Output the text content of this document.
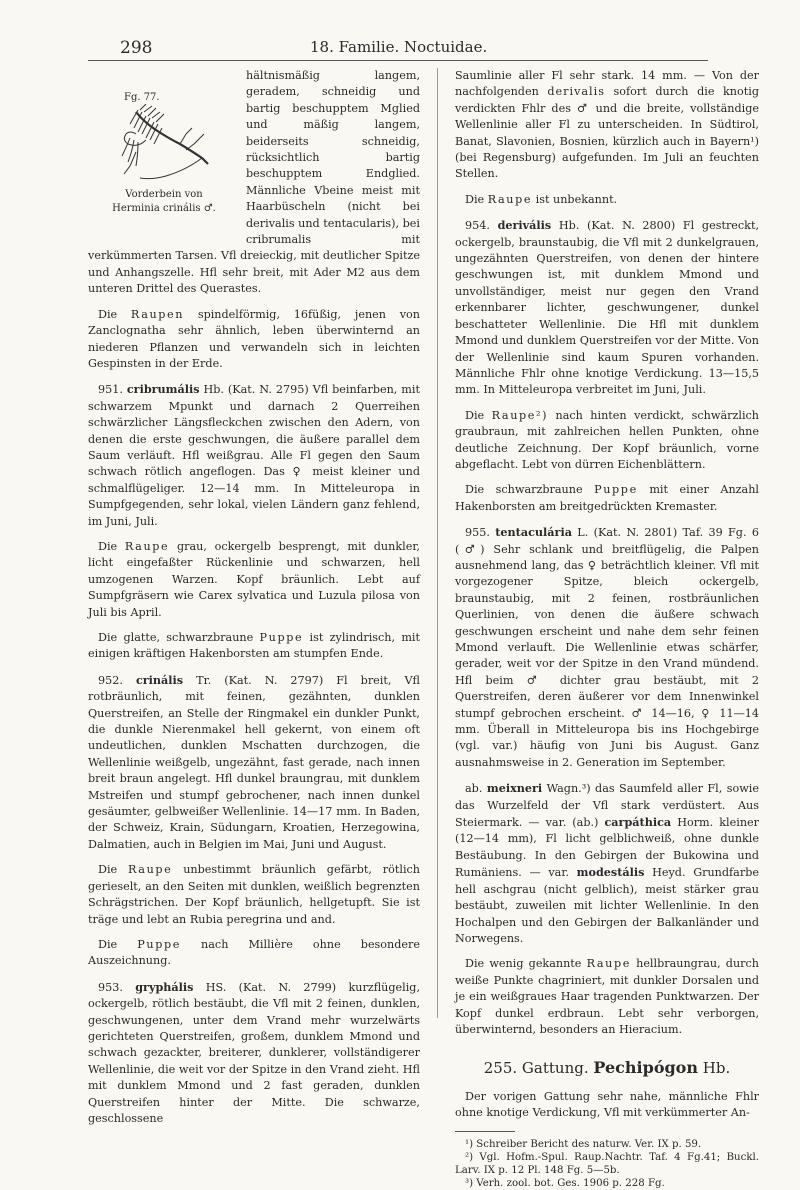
298	18. Familie. Noctuidae.
Fg. 77.
Vorderbein von
Herminia crinális ♂.

hältnismäßig langem, geradem, schneidig und bartig beschupptem Mglied und mäßig langem, beiderseits schneidig, rücksichtlich bartig beschupptem Endglied. Männliche Vbeine meist mit Haarbüscheln (nicht bei derivalis und tentacularis), bei cribrumalis mit verkümmerten Tarsen. Vfl dreieckig, mit deutlicher Spitze und Anhangszelle. Hfl sehr breit, mit Ader M2 aus dem unteren Drittel des Querastes.

Die Raupen spindelförmig, 16füßig, jenen von Zanclognatha sehr ähnlich, leben überwinternd an niederen Pflanzen und verwandeln sich in leichten Gespinsten in der Erde.

951. cribrumális Hb. (Kat. N. 2795) Vfl beinfarben, mit schwarzem Mpunkt und darnach 2 Querreihen schwärzlicher Längsfleckchen zwischen den Adern, von denen die erste geschwungen, die äußere parallel dem Saum verläuft. Hfl weißgrau. Alle Fl gegen den Saum schwach rötlich angeflogen. Das ♀ meist kleiner und schmalflügeliger. 12—14 mm. In Mitteleuropa in Sumpfgegenden, sehr lokal, vielen Ländern ganz fehlend, im Juni, Juli.

Die Raupe grau, ockergelb besprengt, mit dunkler, licht eingefaßter Rückenlinie und schwarzen, hell umzogenen Warzen. Kopf bräunlich. Lebt auf Sumpfgräsern wie Carex sylvatica und Luzula pilosa von Juli bis April.

Die glatte, schwarzbraune Puppe ist zylindrisch, mit einigen kräftigen Hakenborsten am stumpfen Ende.

952. crinális Tr. (Kat. N. 2797) Fl breit, Vfl rotbräunlich, mit feinen, gezähnten, dunklen Querstreifen, an Stelle der Ringmakel ein dunkler Punkt, die dunkle Nierenmakel hell gekernt, von einem oft undeutlichen, dunklen Mschatten durchzogen, die Wellenlinie weißgelb, ungezähnt, fast gerade, nach innen breit braun angelegt. Hfl dunkel braungrau, mit dunklem Mstreifen und stumpf gebrochener, nach innen dunkel gesäumter, gelbweißer Wellenlinie. 14—17 mm. In Baden, der Schweiz, Krain, Südungarn, Kroatien, Herzegowina, Dalmatien, auch in Belgien im Mai, Juni und August.

Die Raupe unbestimmt bräunlich gefärbt, rötlich gerieselt, an den Seiten mit dunklen, weißlich begrenzten Schrägstrichen. Der Kopf bräunlich, hellgetupft. Sie ist träge und lebt an Rubia peregrina und and.

Die Puppe nach Millière ohne besondere Auszeichnung.

953. gryphális HS. (Kat. N. 2799) kurzflügelig, ockergelb, rötlich bestäubt, die Vfl mit 2 feinen, dunklen, geschwungenen, unter dem Vrand mehr wurzelwärts gerichteten Querstreifen, großem, dunklem Mmond und schwach gezackter, breiterer, dunklerer, vollständigerer Wellenlinie, die weit vor der Spitze in den Vrand zieht. Hfl mit dunklem Mmond und 2 fast geraden, dunklen Querstreifen hinter der Mitte. Die schwarze, geschlossene

Saumlinie aller Fl sehr stark. 14 mm. — Von der nachfolgenden derivalis sofort durch die knotig verdickten Fhlr des ♂ und die breite, vollständige Wellenlinie aller Fl zu unterscheiden. In Südtirol, Banat, Slavonien, Bosnien, kürzlich auch in Bayern¹) (bei Regensburg) aufgefunden. Im Juli an feuchten Stellen.

Die Raupe ist unbekannt.

954. derivális Hb. (Kat. N. 2800) Fl gestreckt, ockergelb, braunstaubig, die Vfl mit 2 dunkelgrauen, ungezähnten Querstreifen, von denen der hintere geschwungen ist, mit dunklem Mmond und unvollständiger, meist nur gegen den Vrand erkennbarer lichter, geschwungener, dunkel beschatteter Wellenlinie. Die Hfl mit dunklem Mmond und dunklem Querstreifen vor der Mitte. Von der Wellenlinie sind kaum Spuren vorhanden. Männliche Fhlr ohne knotige Verdickung. 13—15,5 mm. In Mitteleuropa verbreitet im Juni, Juli.

Die Raupe²) nach hinten verdickt, schwärzlich graubraun, mit zahlreichen hellen Punkten, ohne deutliche Zeichnung. Der Kopf bräunlich, vorne abgeflacht. Lebt von dürren Eichenblättern.

Die schwarzbraune Puppe mit einer Anzahl Hakenborsten am breitgedrückten Kremaster.

955. tentaculária L. (Kat. N. 2801) Taf. 39 Fg. 6 (♂) Sehr schlank und breitflügelig, die Palpen ausnehmend lang, das ♀ beträchtlich kleiner. Vfl mit vorgezogener Spitze, bleich ockergelb, braunstaubig, mit 2 feinen, rostbräunlichen Querlinien, von denen die äußere schwach geschwungen erscheint und nahe dem sehr feinen Mmond verlauft. Die Wellenlinie etwas schärfer, gerader, weit vor der Spitze in den Vrand mündend. Hfl beim ♂ dichter grau bestäubt, mit 2 Querstreifen, deren äußerer vor dem Innenwinkel stumpf gebrochen erscheint. ♂ 14—16, ♀ 11—14 mm. Überall in Mitteleuropa bis ins Hochgebirge (vgl. var.) häufig von Juni bis August. Ganz ausnahmsweise in 2. Generation im September.

ab. meixneri Wagn.³) das Saumfeld aller Fl, sowie das Wurzelfeld der Vfl stark verdüstert. Aus Steiermark. — var. (ab.) carpáthica Horm. kleiner (12—14 mm), Fl licht gelblichweiß, ohne dunkle Bestäubung. In den Gebirgen der Bukowina und Rumäniens. — var. modestális Heyd. Grundfarbe hell aschgrau (nicht gelblich), meist stärker grau bestäubt, zuweilen mit lichter Wellenlinie. In den Hochalpen und den Gebirgen der Balkanländer und Norwegens.

Die wenig gekannte Raupe hellbraungrau, durch weiße Punkte chagriniert, mit dunkler Dorsalen und je ein weißgraues Haar tragenden Punktwarzen. Der Kopf dunkel erdbraun. Lebt sehr verborgen, überwinternd, besonders an Hieracium.

255. Gattung. Pechipógon Hb.

Der vorigen Gattung sehr nahe, männliche Fhlr ohne knotige Verdickung, Vfl mit verkümmerter An-

¹) Schreiber Bericht des naturw. Ver. IX p. 59.

²) Vgl. Hofm.-Spul. Raup.Nachtr. Taf. 4 Fg.41; Buckl. Larv. IX p. 12 Pl. 148 Fg. 5—5b.

³) Verh. zool. bot. Ges. 1906 p. 228 Fg.
